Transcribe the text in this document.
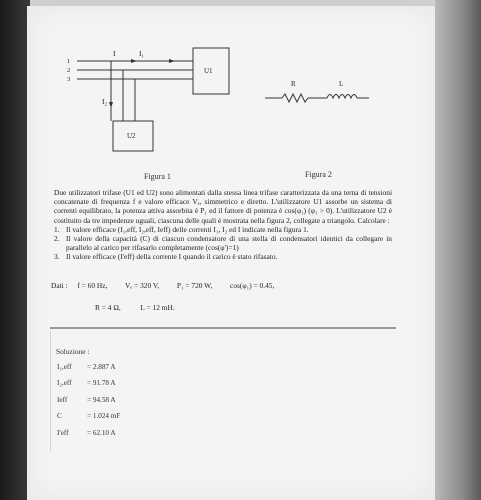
I	I₁
I₂
1
2
3
U1
U2
R	L
Figura 1	Figura 2

Due utilizzatori trifase (U1 ed U2) sono alimentati dalla stessa linea trifase caratterizzata da una terna di tensioni concatenate di frequenza f e valore efficace Vₑ, simmetrico e diretto. L'utilizzatore U1 assorbe un sistema di correnti equilibrato, la potenza attiva assorbita è P₁ ed il fattore di potenza è cos(φ₁) (φ₁ > 0). L'utilizzatore U2 è costituito da tre impedenze uguali, ciascuna delle quali è mostrata nella figura 2, collegate a triangolo. Calcolare :

1. Il valore efficace (I₁,eff, I₂,eff, Ieff) delle correnti I₁, I₂ ed I indicate nella figura 1.
2. Il valore della capacità (C) di ciascun condensatore di una stella di condensatori identici da collegare in parallelo al carico per rifasarlo completamente (cos(φ')=1)
3. Il valore efficace (I'eff) della corrente I quando il carico è stato rifasato.
Dati : f = 60 Hz, Vₑ = 320 V, P₁ = 720 W, cos(φ₁) = 0.45,
R = 4 Ω,	L = 12 mH.
Soluzione :
I₁,eff = 2.887 A
I₂,eff = 91.78 A
Ieff	= 94.58 A
C	= 1.024 mF
I'eff	= 62.10 A
